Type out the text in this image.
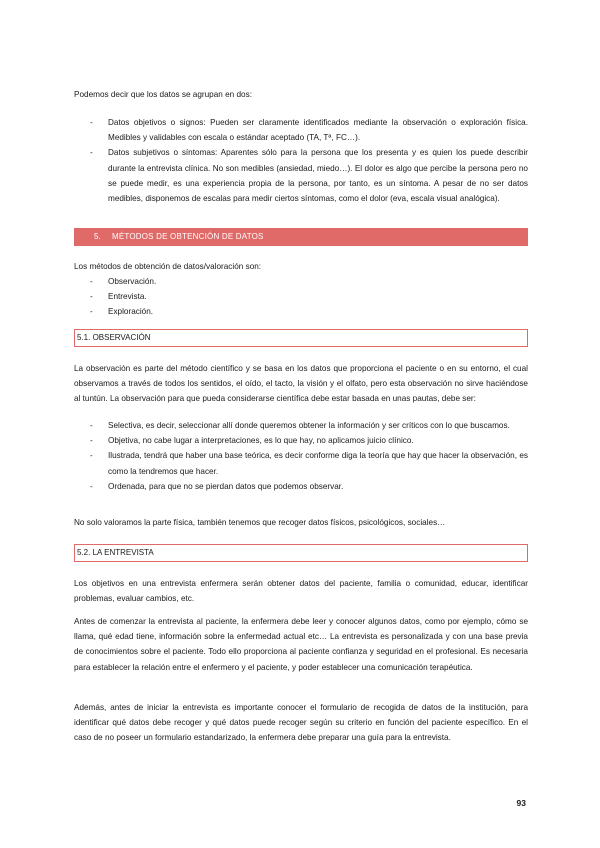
Podemos decir que los datos se agrupan en dos:

- Datos objetivos o signos: Pueden ser claramente identificados mediante la observación o exploración física. Medibles y validables con escala o estándar aceptado (TA, Tª, FC…).
- Datos subjetivos o síntomas: Aparentes sólo para la persona que los presenta y es quien los puede describir durante la entrevista clínica. No son medibles (ansiedad, miedo…). El dolor es algo que percibe la persona pero no se puede medir, es una experiencia propia de la persona, por tanto, es un síntoma. A pesar de no ser datos medibles, disponemos de escalas para medir ciertos síntomas, como el dolor (eva, escala visual analógica).
5. MÉTODOS DE OBTENCIÓN DE DATOS

Los métodos de obtención de datos/valoración son:

- Observación.
- Entrevista.
- Exploración.
5.1. OBSERVACIÓN

La observación es parte del método científico y se basa en los datos que proporciona el paciente o en su entorno, el cual observamos a través de todos los sentidos, el oído, el tacto, la visión y el olfato, pero esta observación no sirve haciéndose al tuntún. La observación para que pueda considerarse científica debe estar basada en unas pautas, debe ser:

- Selectiva, es decir, seleccionar allí donde queremos obtener la información y ser críticos con lo que buscamos.
- Objetiva, no cabe lugar a interpretaciones, es lo que hay, no aplicamos juicio clínico.
- Ilustrada, tendrá que haber una base teórica, es decir conforme diga la teoría que hay que hacer la observación, es como la tendremos que hacer.
- Ordenada, para que no se pierdan datos que podemos observar.

No solo valoramos la parte física, también tenemos que recoger datos físicos, psicológicos, sociales…

5.2. LA ENTREVISTA

Los objetivos en una entrevista enfermera serán obtener datos del paciente, familia o comunidad, educar, identificar problemas, evaluar cambios, etc.

Antes de comenzar la entrevista al paciente, la enfermera debe leer y conocer algunos datos, como por ejemplo, cómo se llama, qué edad tiene, información sobre la enfermedad actual etc… La entrevista es personalizada y con una base previa de conocimientos sobre el paciente. Todo ello proporciona al paciente confianza y seguridad en el profesional. Es necesaria para establecer la relación entre el enfermero y el paciente, y poder establecer una comunicación terapéutica.

Además, antes de iniciar la entrevista es importante conocer el formulario de recogida de datos de la institución, para identificar qué datos debe recoger y qué datos puede recoger según su criterio en función del paciente específico. En el caso de no poseer un formulario estandarizado, la enfermera debe preparar una guía para la entrevista.

93
